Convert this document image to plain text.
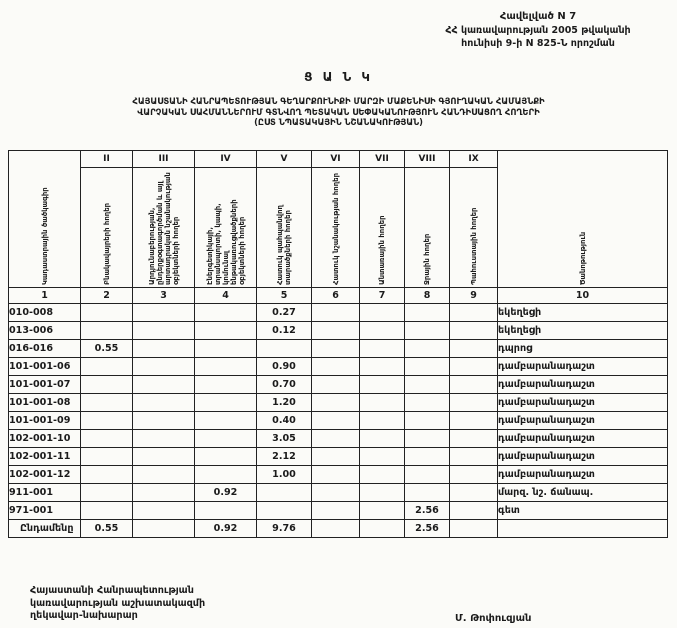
Հավելված N 7
ՀՀ կառավարության 2005 թվականի
հունիսի 9-ի N 825-Ն որոշման
Ց Ա Ն Կ
ՀԱՅԱՍՏԱՆԻ ՀԱՆՐԱՊԵՏՈՒԹՅԱՆ ԳԵՂԱՐՔՈՒՆԻՔԻ ՄԱՐԶԻ ՄԱՔԵՆԻՍԻ ԳՅՈՒՂԱԿԱՆ ՀԱՄԱՅՆՔԻ
ՎԱՐՉԱԿԱՆ ՍԱՀՄԱՆՆԵՐՈՒՄ ԳՏՆՎՈՂ ՊԵՏԱԿԱՆ ՍԵՓԱԿԱՆՈՒԹՅՈՒՆ ՀԱՆԴԻՍԱՑՈՂ ՀՈՂԵՐԻ
(ԸՍՏ ՆՊԱՏԱԿԱՅԻՆ ՆՇԱՆԱԿՈՒԹՅԱՆ)
Կադաստրային ծածկագիր	II	III	IV	V	VI	VII	VIII	IX	Ծանոթություն

	Բնակավայրերի հողեր	Արդյունաբերության, ընդերքօգտագործման և այլ արտադրական նշանակության օբյեկտների հողեր	Էներգետիկայի, տրանսպորտի, կապի, կոմունալ ենթակառուցվածքների օբյեկտների հողեր	Հատուկ պահպանվող տարածքների հողեր	Հատուկ նշանակության հողեր	Անտառային հողեր	Ջրային հողեր	Պահուստային հողեր	

1	2	3	4	5	6	7	8	9	10
010-008				0.27					եկեղեցի
013-006				0.12					եկեղեցի
016-016	0.55								դպրոց
101-001-06				0.90					դամբարանադաշտ
101-001-07				0.70					դամբարանադաշտ
101-001-08				1.20					դամբարանադաշտ
101-001-09				0.40					դամբարանադաշտ
102-001-10				3.05					դամբարանադաշտ
102-001-11				2.12					դամբարանադաշտ
102-001-12				1.00					դամբարանադաշտ
911-001			0.92						մարզ. նշ. ճանապ.
971-001							2.56		գետ
Ընդամենը	0.55		0.92	9.76			2.56		
Հայաստանի Հանրապետության
կառավարության աշխատակազմի
ղեկավար-նախարար	Մ. Թոփուզյան
